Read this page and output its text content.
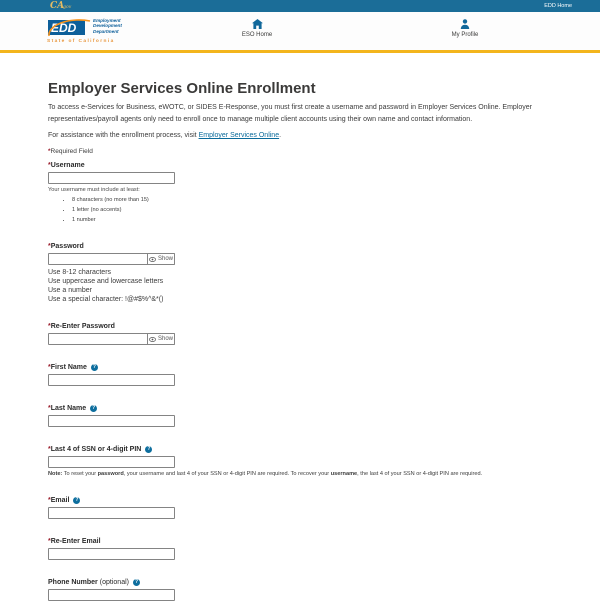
CA gov	EDD Home
EDD
Employment
Development
Department
State of California
ESO Home	My Profile
Employer Services Online Enrollment

To access e-Services for Business, eWOTC, or SIDES E-Response, you must first create a username and password in Employer Services Online. Employer representatives/payroll agents only need to enroll once to manage multiple client accounts using their own name and contact information.

For assistance with the enrollment process, visit Employer Services Online.

*Required Field

* Username
Your username must include at least:
• 8 characters (no more than 15)
• 1 letter (no accents)
• 1 number
* Password
Show
Use 8-12 characters
Use uppercase and lowercase letters
Use a number
Use a special character: !@#$%^&*()
* Re-Enter Password
Show
* First Name	?
* Last Name	?
* Last 4 of SSN or 4-digit PIN	?

Note: To reset your password, your username and last 4 of your SSN or 4-digit PIN are required. To recover your username, the last 4 of your SSN or 4-digit PIN are required.

* Email	?
* Re-Enter Email
Phone Number (optional)	?
